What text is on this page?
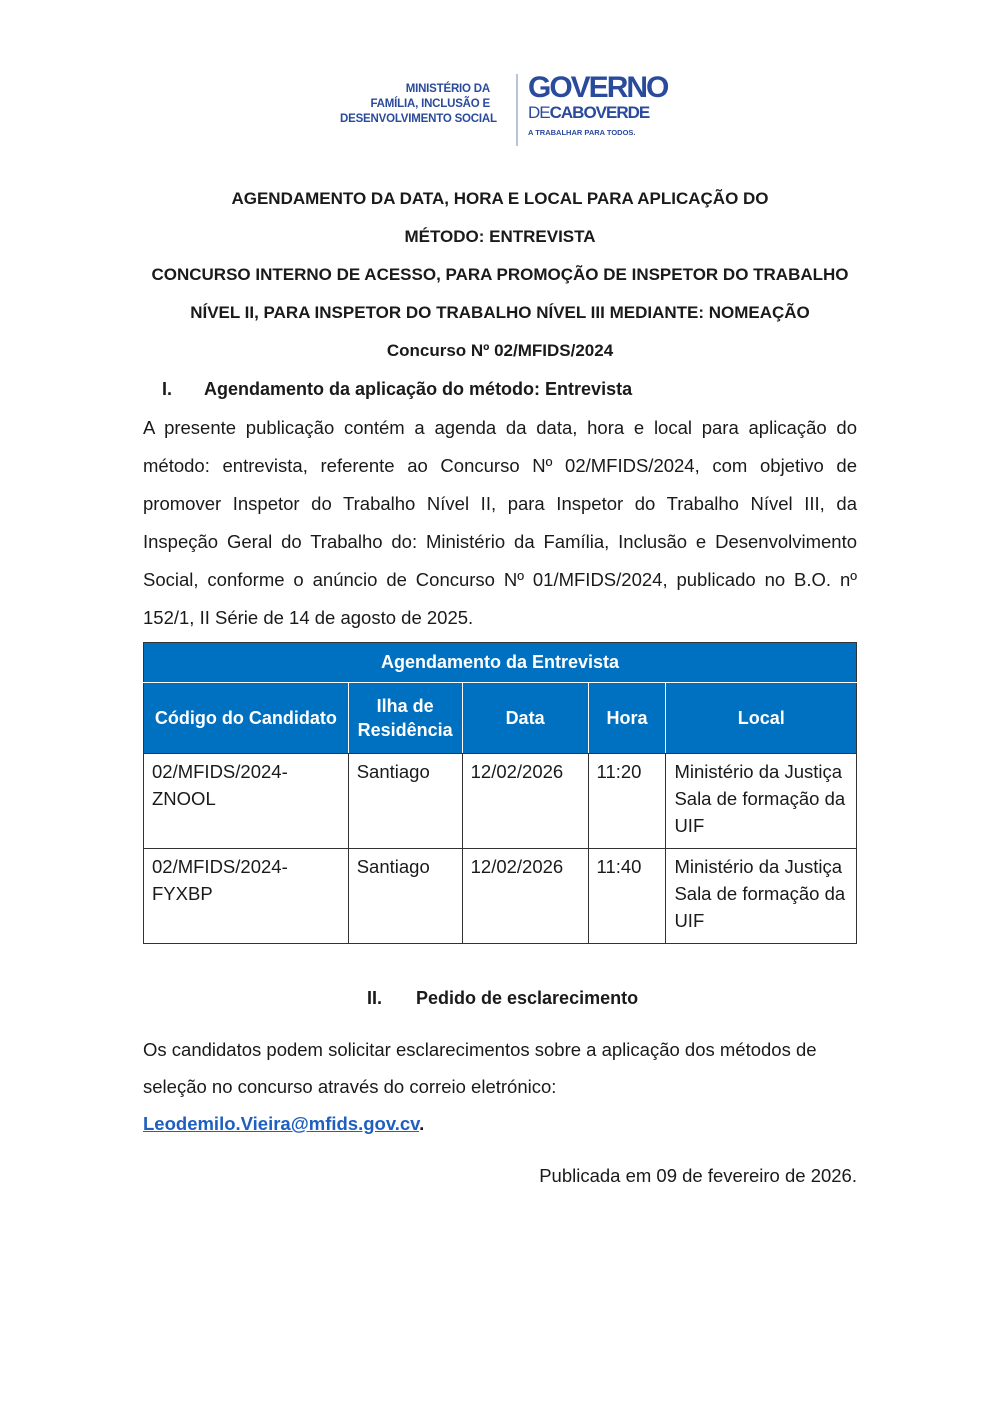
MINISTÉRIO DA
FAMÍLIA, INCLUSÃO E
DESENVOLVIMENTO SOCIAL
GOVERNO
DECABOVERDE
A TRABALHAR PARA TODOS.
AGENDAMENTO DA DATA, HORA E LOCAL PARA APLICAÇÃO DO
MÉTODO: ENTREVISTA
CONCURSO INTERNO DE ACESSO, PARA PROMOÇÃO DE INSPETOR DO TRABALHO
NÍVEL II, PARA INSPETOR DO TRABALHO NÍVEL III MEDIANTE: NOMEAÇÃO
Concurso Nº 02/MFIDS/2024
I. Agendamento da aplicação do método: Entrevista
A presente publicação contém a agenda da data, hora e local para aplicação do
método: entrevista, referente ao Concurso Nº 02/MFIDS/2024, com objetivo de
promover Inspetor do Trabalho Nível II, para Inspetor do Trabalho Nível III, da
Inspeção Geral do Trabalho do: Ministério da Família, Inclusão e Desenvolvimento
Social, conforme o anúncio de Concurso Nº 01/MFIDS/2024, publicado no B.O. nº
152/1, II Série de 14 de agosto de 2025.
Agendamento da Entrevista				
Código do Candidato	Ilha de Residência	Data	Hora	Local
02/MFIDS/2024-ZNOOL	Santiago	12/02/2026	11:20	Ministério da Justiça Sala de formação da UIF
02/MFIDS/2024-FYXBP	Santiago	12/02/2026	11:40	Ministério da Justiça Sala de formação da UIF
II. Pedido de esclarecimento
Os candidatos podem solicitar esclarecimentos sobre a aplicação dos métodos de
seleção no concurso através do correio eletrónico:
Leodemilo.Vieira@mfids.gov.cv.
Publicada em 09 de fevereiro de 2026.
